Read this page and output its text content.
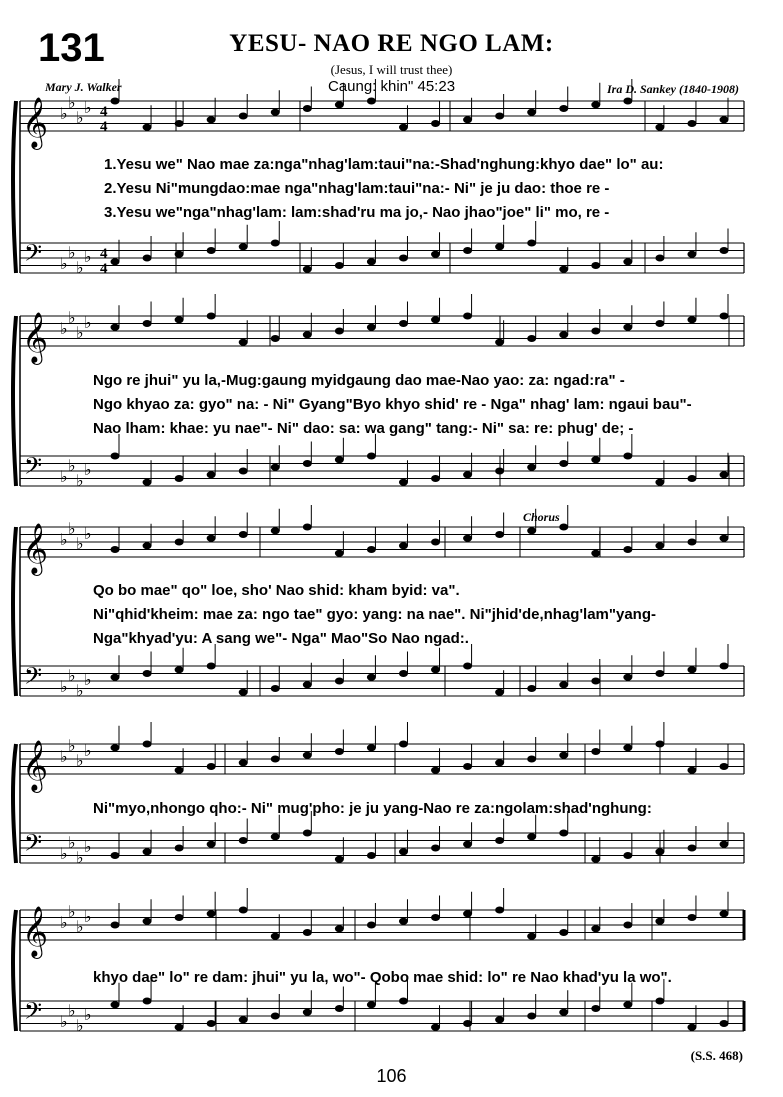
131	YESU- NAO RE NGO LAM:
(Jesus, I will trust thee)
Caung: khin" 45:23
Mary J. Walker	Ira D. Sankey (1840-1908)
𝄞 ♭
♭
♭
♭
𝄢 ♭
♭
♭
♭
𝄞 ♭
♭
♭
♭
𝄢 ♭
♭
♭
♭
𝄞 ♭
♭
♭
♭
𝄢 ♭
♭
♭
♭
𝄞 ♭
♭
♭
♭
𝄢 ♭
♭
♭
♭
𝄞 ♭
♭
♭
♭
𝄢 ♭
♭
♭
♭
4
4
4
4
Chorus
1.Yesu we" Nao mae za:nga"nhag'lam:taui"na:-Shad'nghung:khyo dae" lo" au:
2.Yesu Ni"mungdao:mae nga"nhag'lam:taui"na:- Ni" je ju dao: thoe re -
3.Yesu we"nga"nhag'lam: lam:shad'ru ma jo,- Nao jhao"joe" li" mo, re -
Ngo re jhui" yu la,-Mug:gaung myidgaung dao mae-Nao yao: za: ngad:ra" -
Ngo khyao za: gyo" na: - Ni" Gyang"Byo khyo shid' re - Nga" nhag' lam: ngaui bau"-
Nao lham: khae: yu nae"- Ni" dao: sa: wa gang" tang:- Ni" sa: re: phug' de; -
Qo bo mae" qo" loe, sho' Nao shid: kham byid: va".
Ni"qhid'kheim: mae za: ngo tae" gyo: yang: na nae". Ni"jhid'de,nhag'lam"yang-
Nga"khyad'yu: A sang we"- Nga" Mao"So Nao ngad:.
Ni"myo,nhongo qho:- Ni" mug'pho: je ju yang-Nao re za:ngolam:shad'nghung:
khyo dae" lo" re dam: jhui" yu la, wo"- Qobo mae shid: lo" re Nao khad'yu la wo".
(S.S. 468)
106
